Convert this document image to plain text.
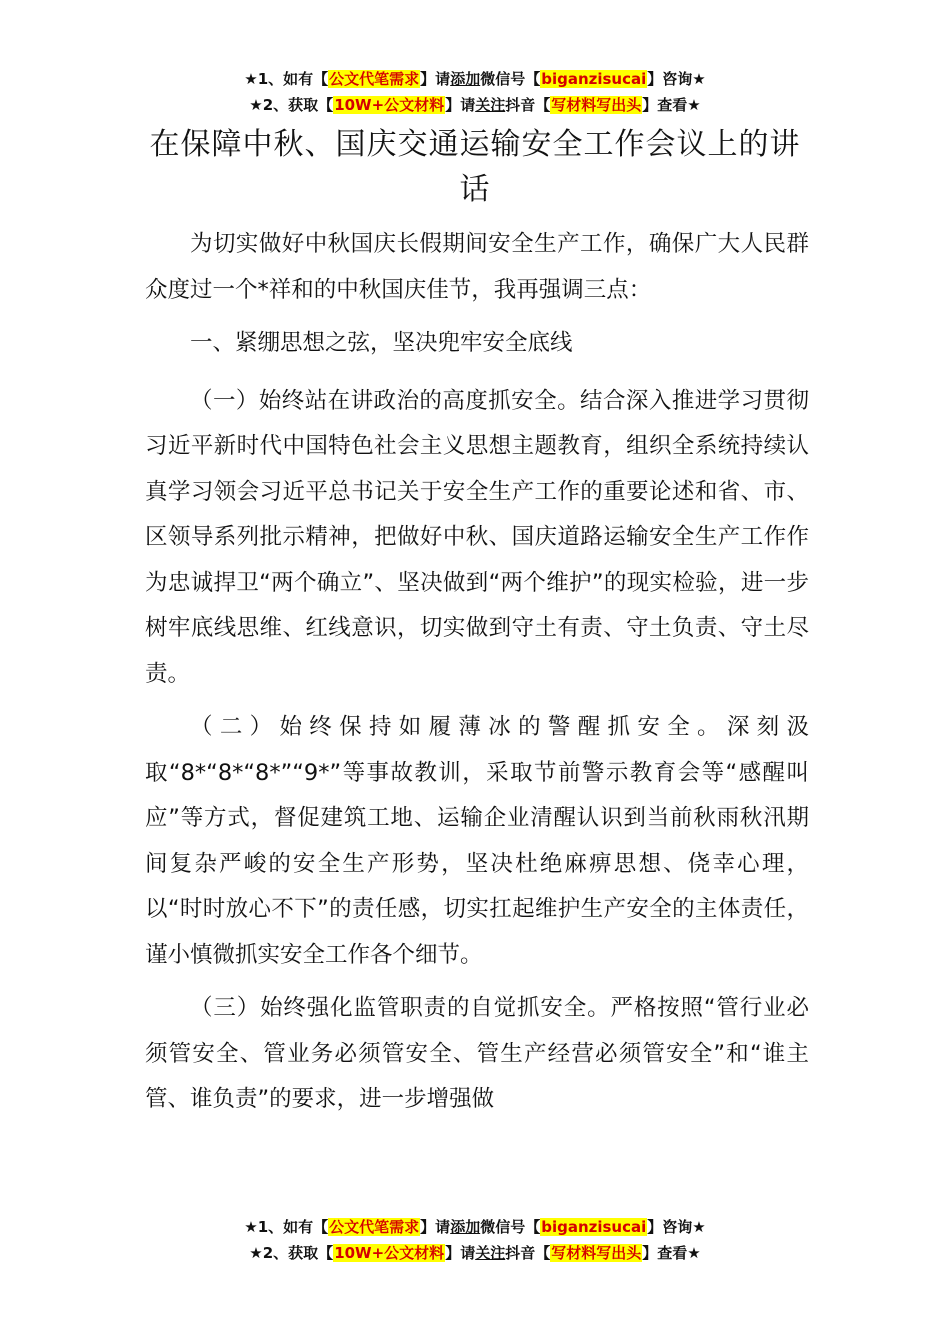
★1、如有【公文代笔需求】请添加微信号【biganzisucai】咨询★
★2、获取【10W+公文材料】请关注抖音【写材料写出头】查看★
在保障中秋、国庆交通运输安全工作会议上的讲话

为切实做好中秋国庆长假期间安全生产工作，确保广大人民群众度过一个*祥和的中秋国庆佳节，我再强调三点：

一、紧绷思想之弦，坚决兜牢安全底线

（一）始终站在讲政治的高度抓安全。结合深入推进学习贯彻习近平新时代中国特色社会主义思想主题教育，组织全系统持续认真学习领会习近平总书记关于安全生产工作的重要论述和省、市、区领导系列批示精神，把做好中秋、国庆道路运输安全生产工作作为忠诚捍卫“两个确立”、坚决做到“两个维护”的现实检验，进一步树牢底线思维、红线意识，切实做到守土有责、守土负责、守土尽责。

（二）始终保持如履薄冰的警醒抓安全。深刻汲取“8*“8*“8*”“9*”等事故教训，采取节前警示教育会等“感醒叫应”等方式，督促建筑工地、运输企业清醒认识到当前秋雨秋汛期间复杂严峻的安全生产形势，坚决杜绝麻痹思想、侥幸心理，以“时时放心不下”的责任感，切实扛起维护生产安全的主体责任，谨小慎微抓实安全工作各个细节。

（三）始终强化监管职责的自觉抓安全。严格按照“管行业必须管安全、管业务必须管安全、管生产经营必须管安全”和“谁主管、谁负责”的要求，进一步增强做

★1、如有【公文代笔需求】请添加微信号【biganzisucai】咨询★
★2、获取【10W+公文材料】请关注抖音【写材料写出头】查看★
